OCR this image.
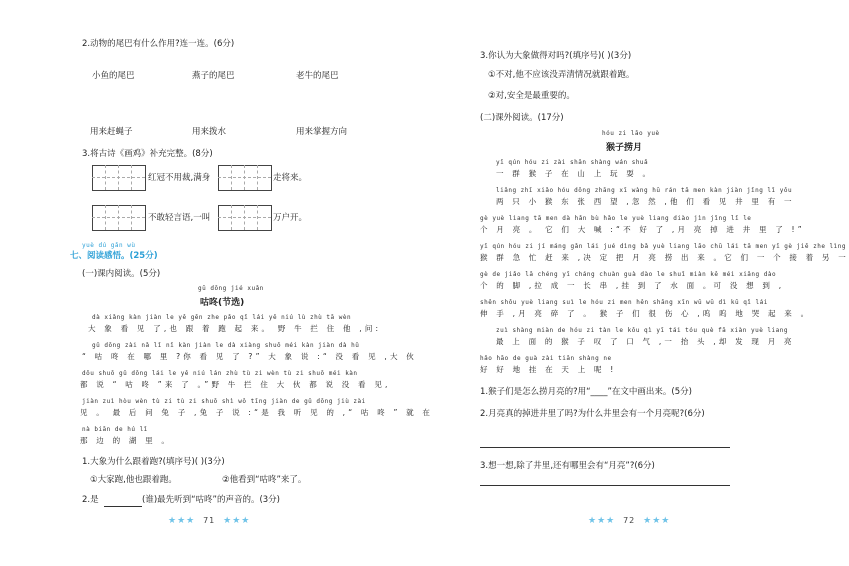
2.动物的尾巴有什么作用?连一连。(6分)
小鱼的尾巴	燕子的尾巴	老牛的尾巴
用来赶蝇子	用来拨水	用来掌握方向
3.将古诗《画鸡》补充完整。(8分)
红冠不用裁,满身	走将来。
不敢轻言语,一叫	万户开。
yuè dú gǎn wù
七、阅读感悟。(25分)
(一)课内阅读。(5分)
gū dōng jié xuǎn
咕咚(节选)
dà xiǎng kàn jiàn le yě gēn zhe pǎo qǐ lái yě niú lù zhù tā wèn
大 象 看 见 了,也 跟 着 跑 起 来。 野 牛 拦 住 他 ,问:
gǔ dōng zài nǎ lǐ nǐ kàn jiàn le dà xiàng shuō méi kàn jiàn dà hǔ
“ 咕 咚 在 哪 里 ?你 看 见 了 ?” 大 象 说 :“ 没 看 见 ,大 伙
dōu shuō gǔ dōng lái le yě niú lán zhù tù zi wèn tù zi shuō méi kàn
都 说 “ 咕 咚 ”来 了 。”野 牛 拦 住 大 伙 都 说 没 看 见,
jiàn zuì hòu wèn tù zi tù zi shuō shì wǒ tīng jiàn de gǔ dōng jiù zài
见 。 最 后 问 兔 子 ,兔 子 说 :“是 我 听 见 的 ,“ 咕 咚 ” 就 在
nà biān de hú lǐ
那 边 的 湖 里 。
1.大象为什么跟着跑?(填序号)( )(3分)
①大家跑,他也跟着跑。	②他看到“咕咚”来了。
2.是	(谁)最先听到“咕咚”的声音的。(3分)
★★★ 71 ★★★
3.你认为大象做得对吗?(填序号)( )(3分)
①不对,他不应该没弄清情况就跟着跑。
②对,安全是最重要的。
(二)课外阅读。(17分)
hóu zi lāo yuè
猴子捞月
yī qún hóu zi zài shān shàng wán shuǎ
一 群 猴 子 在 山 上 玩 耍 。
liǎng zhī xiǎo hóu dōng zhāng xī wàng hū rán tā men kàn jiàn jǐng lǐ yǒu
两 只 小 猴 东 张 西 望 ,忽 然 ,他 们 看 见 井 里 有 一
gè yuè liang tā men dà hǎn bù hǎo le yuè liang diào jìn jǐng lǐ le
个 月 亮 。 它 们 大 喊 :“不 好 了 ,月 亮 掉 进 井 里 了 !”
yī qún hóu zi jí máng gǎn lái jué dìng bǎ yuè liang lāo chū lái tā men yī gè jiē zhe lìng
猴 群 急 忙 赶 来 ,决 定 把 月 亮 捞 出 来 。它 们 一 个 接 着 另 一
gè de jiǎo lā chéng yī cháng chuàn guà dào le shuǐ miàn kě méi xiǎng dào
个 的 脚 ,拉 成 一 长 串 ,挂 到 了 水 面 。可 没 想 到 ,
shēn shǒu yuè liang suì le hóu zi men hěn shāng xīn wū wū dì kū qǐ lái
伸 手 ,月 亮 碎 了 。 猴 子 们 很 伤 心 ,呜 呜 地 哭 起 来 。
zuì shàng miàn de hóu zi tàn le kǒu qì yī tái tóu què fā xiàn yuè liang
最 上 面 的 猴 子 叹 了 口 气 ,一 抬 头 ,却 发 现 月 亮
hǎo hāo de guà zài tiān shàng ne
好 好 地 挂 在 天 上 呢 !
1.猴子们是怎么捞月亮的?用“____”在文中画出来。(5分)
2.月亮真的掉进井里了吗?为什么井里会有一个月亮呢?(6分)
3.想一想,除了井里,还有哪里会有“月亮”?(6分)
★★★ 72 ★★★
